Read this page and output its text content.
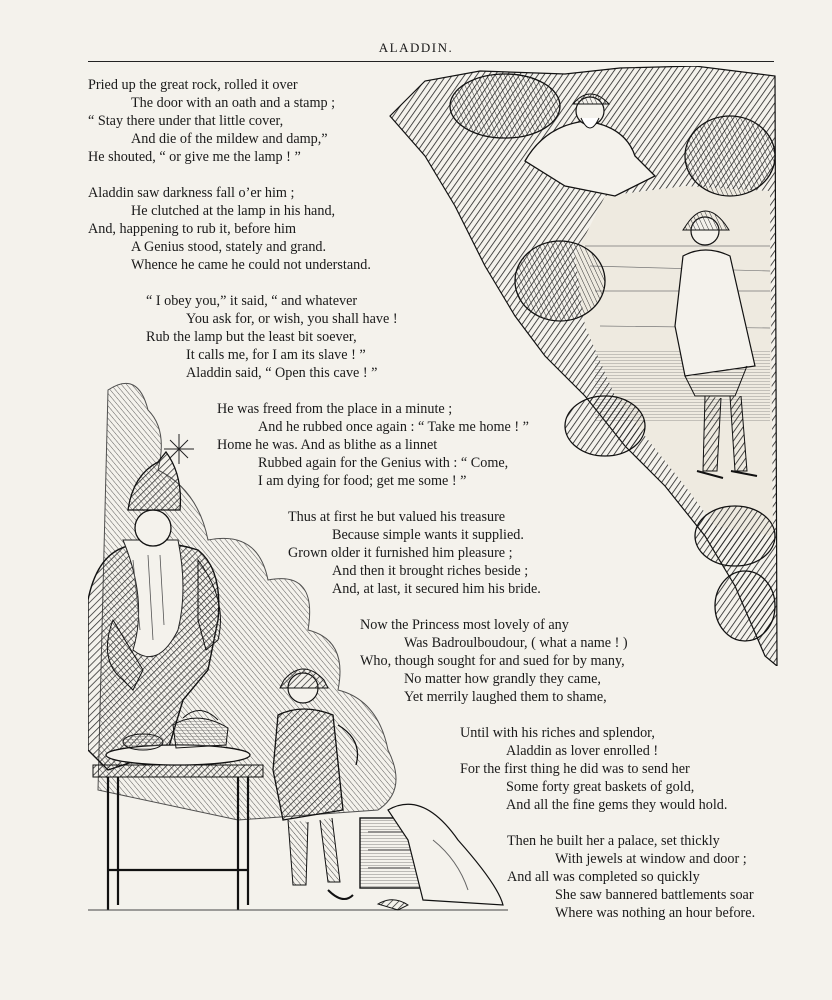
ALADDIN.
Pried up the great rock, rolled it over
The door with an oath and a stamp ;
“ Stay there under that little cover,
And die of the mildew and damp,”
He shouted, “ or give me the lamp ! ”
Aladdin saw darkness fall o’er him ;
He clutched at the lamp in his hand,
And, happening to rub it, before him
A Genius stood, stately and grand.
Whence he came he could not understand.
“ I obey you,” it said, “ and whatever
You ask for, or wish, you shall have !
Rub the lamp but the least bit soever,
It calls me, for I am its slave ! ”
Aladdin said, “ Open this cave ! ”
He was freed from the place in a minute ;
And he rubbed once again : “ Take me home ! ”
Home he was. And as blithe as a linnet
Rubbed again for the Genius with : “ Come,
I am dying for food; get me some ! ”
Thus at first he but valued his treasure
Because simple wants it supplied.
Grown older it furnished him pleasure ;
And then it brought riches beside ;
And, at last, it secured him his bride.
Now the Princess most lovely of any
Was Badroulboudour, ( what a name ! )
Who, though sought for and sued for by many,
No matter how grandly they came,
Yet merrily laughed them to shame,
Until with his riches and splendor,
Aladdin as lover enrolled !
For the first thing he did was to send her
Some forty great baskets of gold,
And all the fine gems they would hold.
Then he built her a palace, set thickly
With jewels at window and door ;
And all was completed so quickly
She saw bannered battlements soar
Where was nothing an hour before.
